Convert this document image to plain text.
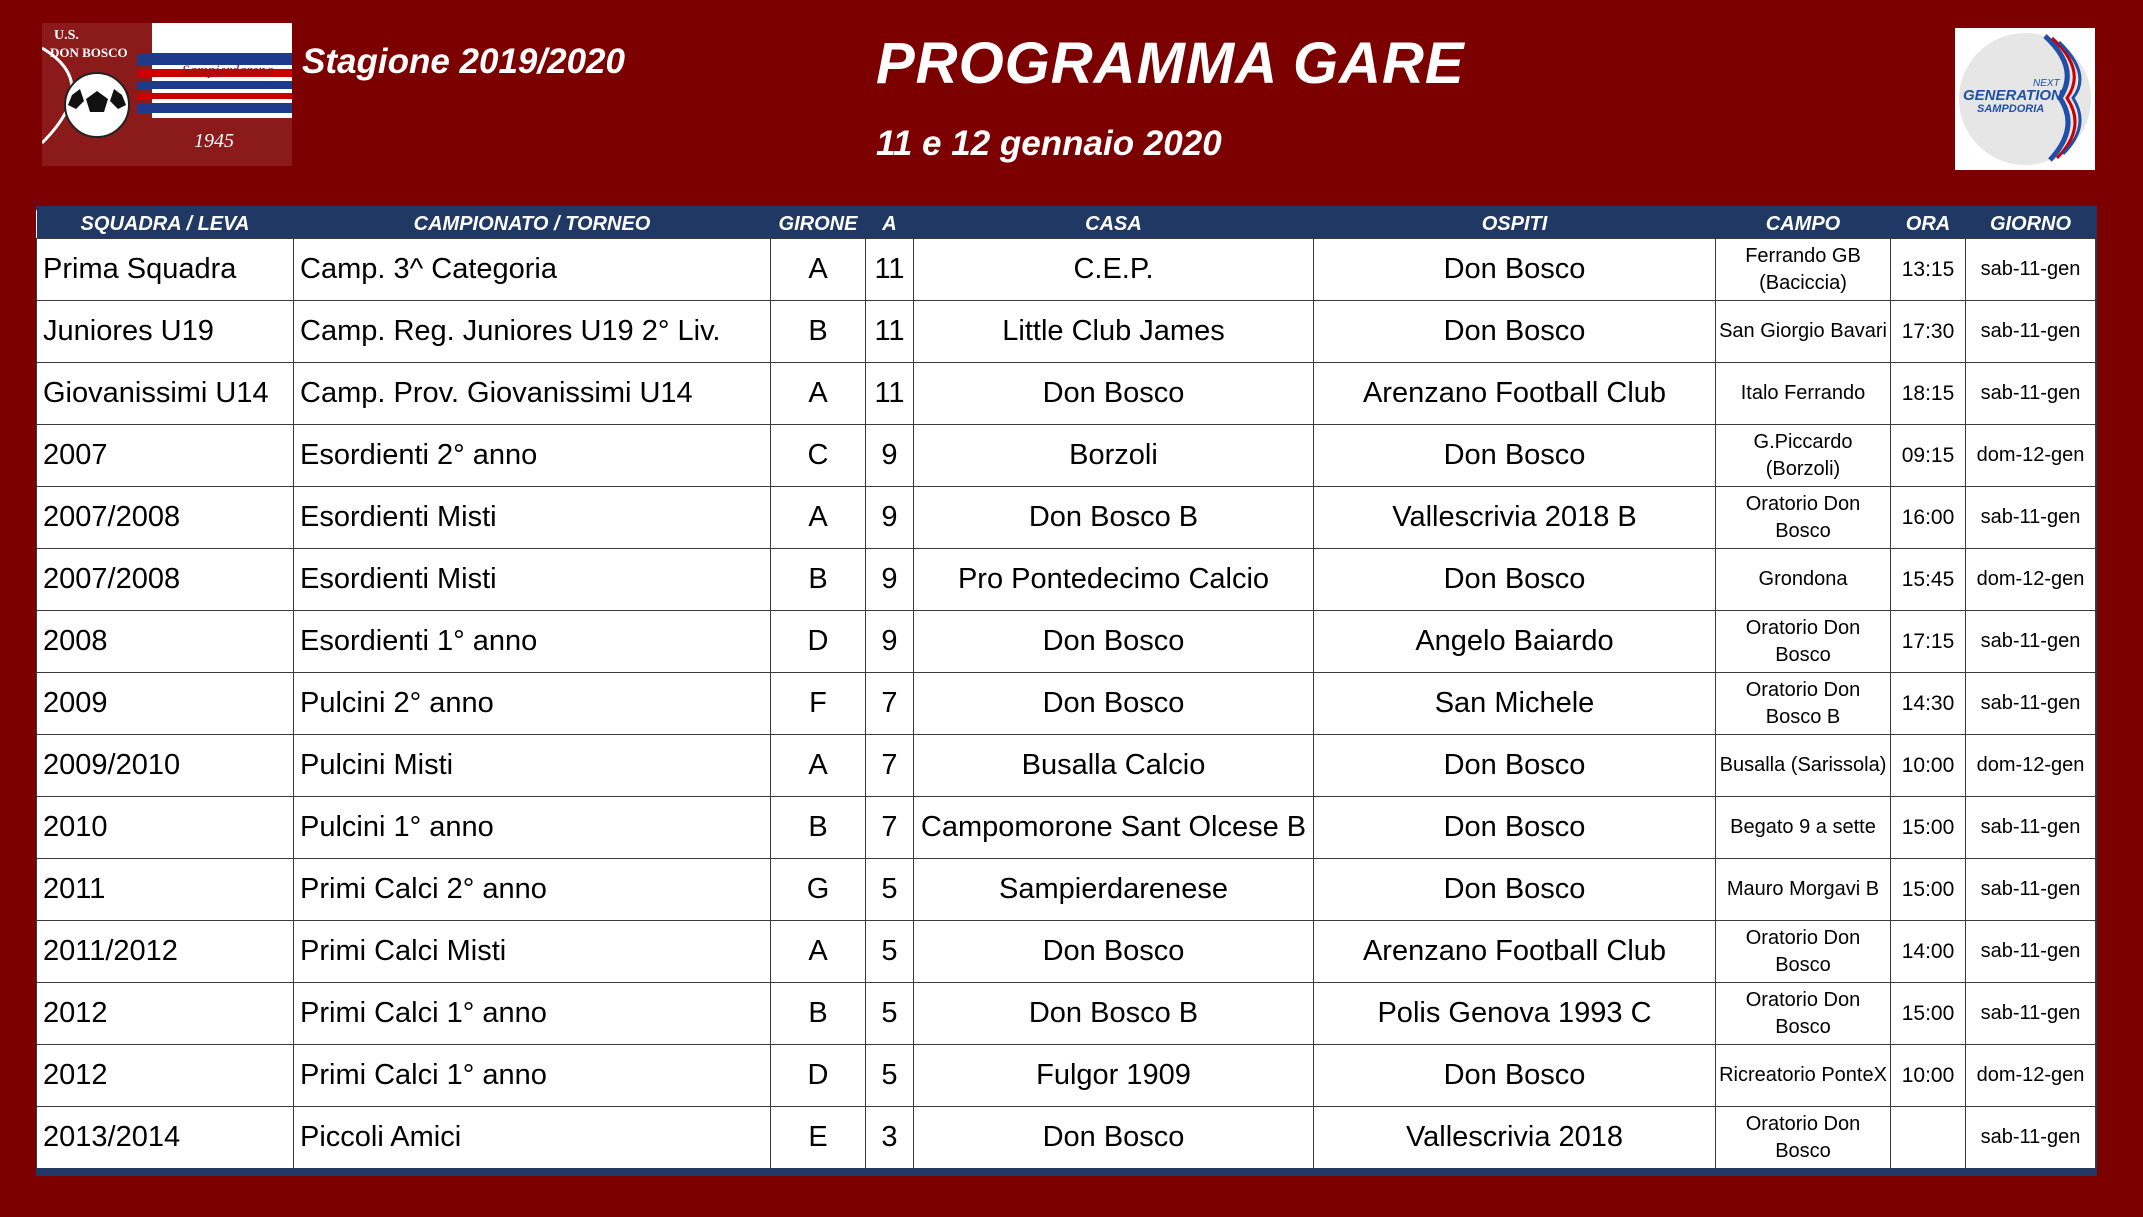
U.S.
DON BOSCO
Sampierdarena
1945
Stagione 2019/2020	PROGRAMMA GARE
11 e 12 gennaio 2020
NEXT
GENERATION
SAMPDORIA
SQUADRA / LEVA	CAMPIONATO / TORNEO	GIRONE	A	CASA	OSPITI	CAMPO	ORA	GIORNO
Prima Squadra	Camp. 3^ Categoria	A	11	C.E.P.	Don Bosco	Ferrando GB (Baciccia)	13:15	sab-11-gen
Juniores U19	Camp. Reg. Juniores U19 2° Liv.	B	11	Little Club James	Don Bosco	San Giorgio Bavari	17:30	sab-11-gen
Giovanissimi U14	Camp. Prov. Giovanissimi U14	A	11	Don Bosco	Arenzano Football Club	Italo Ferrando	18:15	sab-11-gen
2007	Esordienti 2° anno	C	9	Borzoli	Don Bosco	G.Piccardo (Borzoli)	09:15	dom-12-gen
2007/2008	Esordienti Misti	A	9	Don Bosco B	Vallescrivia 2018 B	Oratorio Don Bosco	16:00	sab-11-gen
2007/2008	Esordienti Misti	B	9	Pro Pontedecimo Calcio	Don Bosco	Grondona	15:45	dom-12-gen
2008	Esordienti 1° anno	D	9	Don Bosco	Angelo Baiardo	Oratorio Don Bosco	17:15	sab-11-gen
2009	Pulcini 2° anno	F	7	Don Bosco	San Michele	Oratorio Don Bosco B	14:30	sab-11-gen
2009/2010	Pulcini Misti	A	7	Busalla Calcio	Don Bosco	Busalla (Sarissola)	10:00	dom-12-gen
2010	Pulcini 1° anno	B	7	Campomorone Sant Olcese B	Don Bosco	Begato 9 a sette	15:00	sab-11-gen
2011	Primi Calci 2° anno	G	5	Sampierdarenese	Don Bosco	Mauro Morgavi B	15:00	sab-11-gen
2011/2012	Primi Calci Misti	A	5	Don Bosco	Arenzano Football Club	Oratorio Don Bosco	14:00	sab-11-gen
2012	Primi Calci 1° anno	B	5	Don Bosco B	Polis Genova 1993 C	Oratorio Don Bosco	15:00	sab-11-gen
2012	Primi Calci 1° anno	D	5	Fulgor 1909	Don Bosco	Ricreatorio PonteX	10:00	dom-12-gen
2013/2014	Piccoli Amici	E	3	Don Bosco	Vallescrivia 2018	Oratorio Don Bosco		sab-11-gen
